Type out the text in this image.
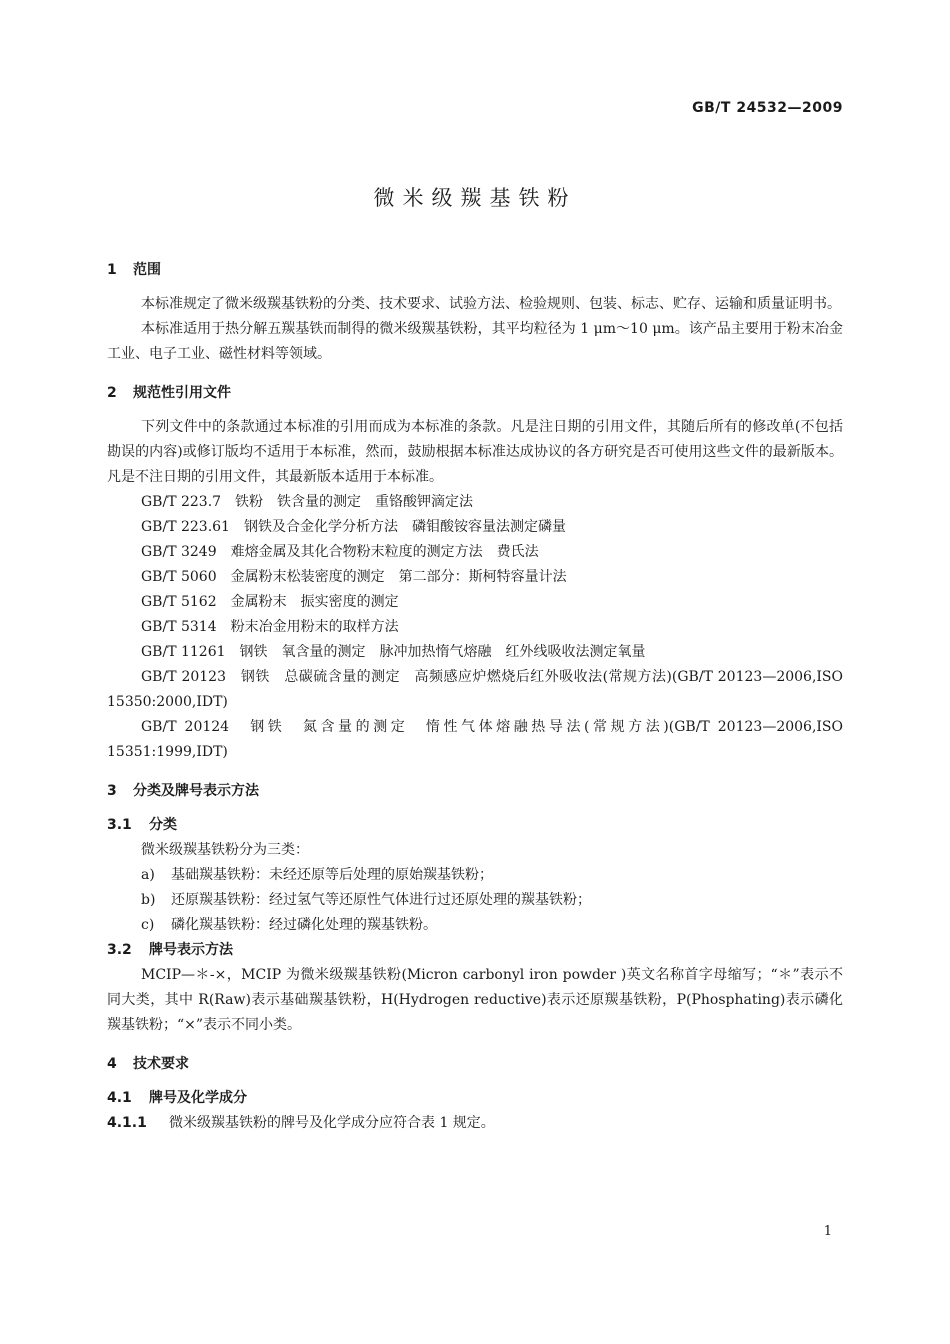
GB/T 24532—2009
微米级羰基铁粉
1 范围

本标准规定了微米级羰基铁粉的分类、技术要求、试验方法、检验规则、包装、标志、贮存、运输和质量证明书。

本标准适用于热分解五羰基铁而制得的微米级羰基铁粉，其平均粒径为 1 μm～10 μm。该产品主要用于粉末冶金工业、电子工业、磁性材料等领域。

2 规范性引用文件

下列文件中的条款通过本标准的引用而成为本标准的条款。凡是注日期的引用文件，其随后所有的修改单(不包括勘误的内容)或修订版均不适用于本标准，然而，鼓励根据本标准达成协议的各方研究是否可使用这些文件的最新版本。凡是不注日期的引用文件，其最新版本适用于本标准。

GB/T 223.7　铁粉　铁含量的测定　重铬酸钾滴定法

GB/T 223.61　钢铁及合金化学分析方法　磷钼酸铵容量法测定磷量

GB/T 3249　难熔金属及其化合物粉末粒度的测定方法　费氏法

GB/T 5060　金属粉末松装密度的测定　第二部分：斯柯特容量计法

GB/T 5162　金属粉末　振实密度的测定

GB/T 5314　粉末冶金用粉末的取样方法

GB/T 11261　钢铁　氧含量的测定　脉冲加热惰气熔融　红外线吸收法测定氧量

GB/T 20123　钢铁　总碳硫含量的测定　高频感应炉燃烧后红外吸收法(常规方法)(GB/T 20123—2006,ISO 15350:2000,IDT)

GB/T 20124　钢铁　氮含量的测定　惰性气体熔融热导法(常规方法)(GB/T 20123—2006,ISO 15351:1999,IDT)

3 分类及牌号表示方法
3.1 分类

微米级羰基铁粉分为三类：

a) 基础羰基铁粉：未经还原等后处理的原始羰基铁粉；

b) 还原羰基铁粉：经过氢气等还原性气体进行过还原处理的羰基铁粉；

c) 磷化羰基铁粉：经过磷化处理的羰基铁粉。

3.2 牌号表示方法

MCIP—＊-×，MCIP 为微米级羰基铁粉(Micron carbonyl iron powder )英文名称首字母缩写；“＊”表示不同大类，其中 R(Raw)表示基础羰基铁粉，H(Hydrogen reductive)表示还原羰基铁粉，P(Phosphating)表示磷化羰基铁粉；“×”表示不同小类。

4 技术要求
4.1 牌号及化学成分

4.1.1 微米级羰基铁粉的牌号及化学成分应符合表 1 规定。

1
